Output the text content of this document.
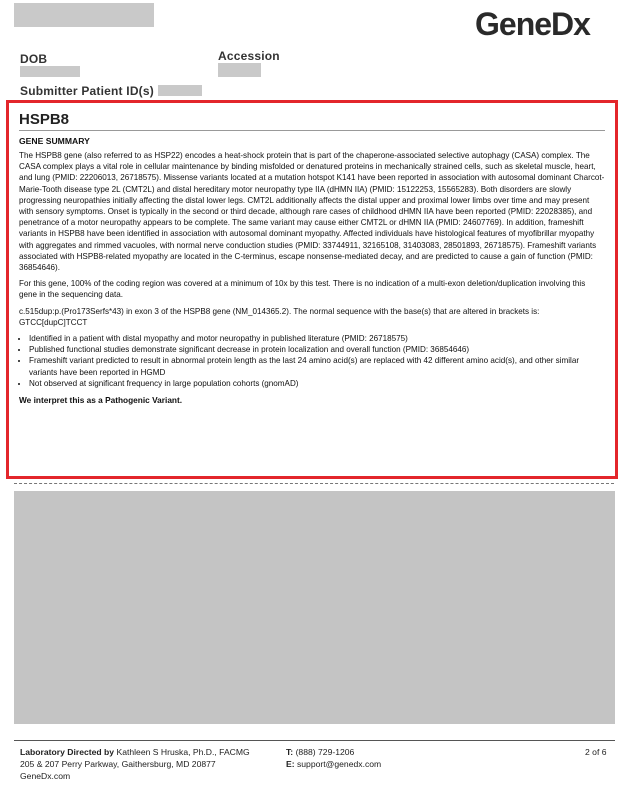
GeneDx
DOB	Accession
Submitter Patient ID(s)
HSPB8
GENE SUMMARY

The HSPB8 gene (also referred to as HSP22) encodes a heat-shock protein that is part of the chaperone-associated selective autophagy (CASA) complex. The CASA complex plays a vital role in cellular maintenance by binding misfolded or denatured proteins in mechanically strained cells, such as skeletal muscle, heart, and lung (PMID: 22206013, 26718575). Missense variants located at a mutation hotspot K141 have been reported in association with autosomal dominant Charcot-Marie-Tooth disease type 2L (CMT2L) and distal hereditary motor neuropathy type IIA (dHMN IIA) (PMID: 15122253, 15565283). Both disorders are slowly progressing neuropathies initially affecting the distal lower legs. CMT2L additionally affects the distal upper and proximal lower limbs over time and may present with sensory symptoms. Onset is typically in the second or third decade, although rare cases of childhood dHMN IIA have been reported (PMID: 22028385), and penetrance of a motor neuropathy appears to be complete. The same variant may cause either CMT2L or dHMN IIA (PMID: 24607769). In addition, frameshift variants in HSPB8 have been identified in association with autosomal dominant myopathy. Affected individuals have histological features of myofibrillar myopathy with aggregates and rimmed vacuoles, with normal nerve conduction studies (PMID: 33744911, 32165108, 31403083, 28501893, 26718575). Frameshift variants associated with HSPB8-related myopathy are located in the C-terminus, escape nonsense-mediated decay, and are predicted to cause a gain of function (PMID: 36854646).

For this gene, 100% of the coding region was covered at a minimum of 10x by this test. There is no indication of a multi-exon deletion/duplication involving this gene in the sequencing data.

c.515dup:p.(Pro173Serfs*43) in exon 3 of the HSPB8 gene (NM_014365.2). The normal sequence with the base(s) that are altered in brackets is: GTCC[dupC]TCCT

• Identified in a patient with distal myopathy and motor neuropathy in published literature (PMID: 26718575)
• Published functional studies demonstrate significant decrease in protein localization and overall function (PMID: 36854646)
• Frameshift variant predicted to result in abnormal protein length as the last 24 amino acid(s) are replaced with 42 different amino acid(s), and other similar variants have been reported in HGMD
• Not observed at significant frequency in large population cohorts (gnomAD)
We interpret this as a Pathogenic Variant.
Laboratory Directed by Kathleen S Hruska, Ph.D., FACMG
205 & 207 Perry Parkway, Gaithersburg, MD 20877
GeneDx.com
T: (888) 729-1206
E: support@genedx.com
2 of 6
